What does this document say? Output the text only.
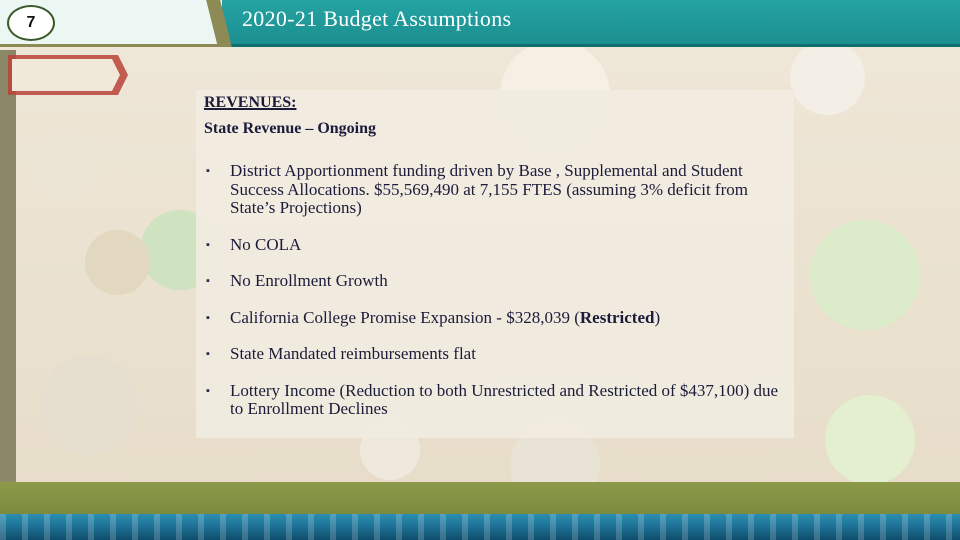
7	2020-21 Budget Assumptions
REVENUES:
State Revenue – Ongoing
▪ District Apportionment funding driven by Base , Supplemental and Student Success Allocations. $55,569,490 at 7,155 FTES (assuming 3% deficit from State’s Projections)
▪ No COLA
▪ No Enrollment Growth
▪ California College Promise Expansion - $328,039 (Restricted)
▪ State Mandated reimbursements flat
▪ Lottery Income (Reduction to both Unrestricted and Restricted of $437,100) due to Enrollment Declines
